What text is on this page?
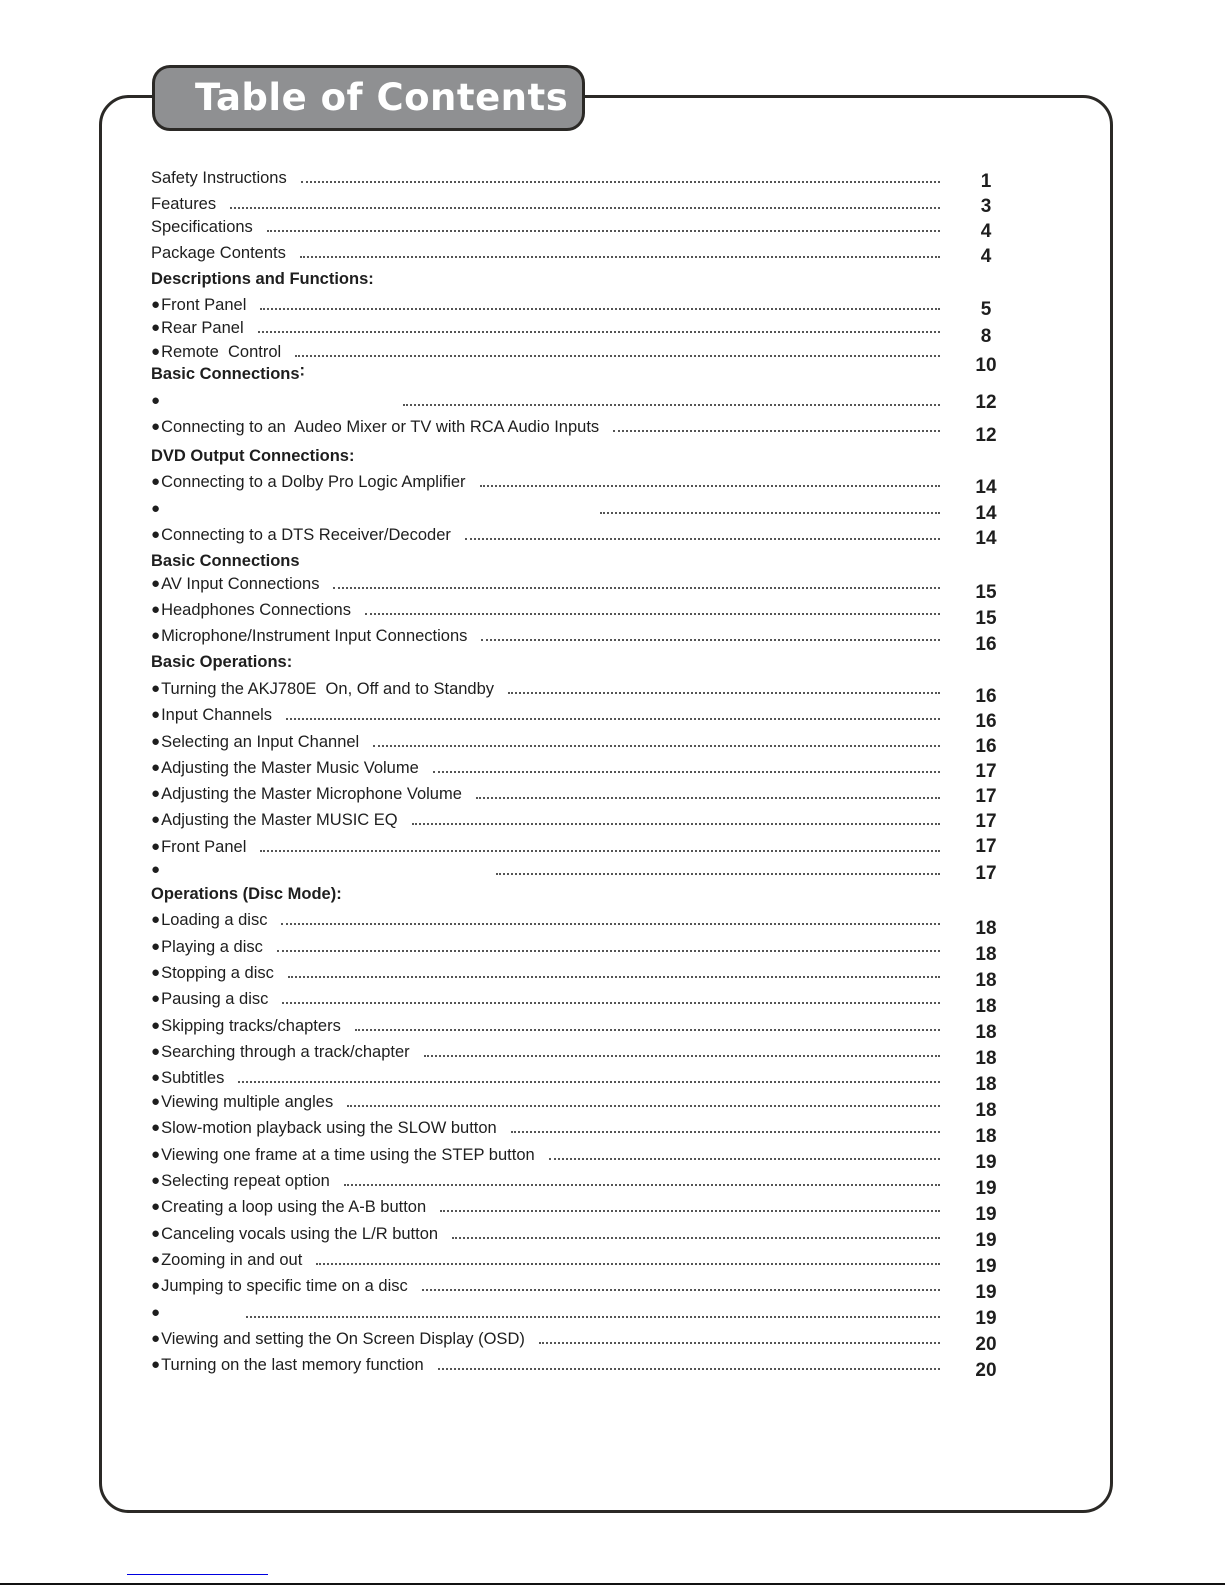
Table of Contents
1
Safety Instructions
3
Features
4
Specifications
4
Package Contents
Descriptions and Functions:
5
● Front Panel
8
● Rear Panel
10
● Remote  Control
Basic Connections˸
12
●
12
● Connecting to an  Audeo Mixer or TV with RCA Audio Inputs
DVD Output Connections:
14
● Connecting to a Dolby Pro Logic Amplifier
14
●
14
● Connecting to a DTS Receiver/Decoder
Basic Connections
15
● AV Input Connections
15
● Headphones Connections
16
● Microphone/Instrument Input Connections
Basic Operations:
16
● Turning the AKJ780E  On, Off and to Standby
16
● Input Channels
16
● Selecting an Input Channel
17
● Adjusting the Master Music Volume
17
● Adjusting the Master Microphone Volume
17
● Adjusting the Master MUSIC EQ
17
● Front Panel
17
●
Operations (Disc Mode):
18
● Loading a disc
18
● Playing a disc
18
● Stopping a disc
18
● Pausing a disc
18
● Skipping tracks/chapters
18
● Searching through a track/chapter
18
● Subtitles
18
● Viewing multiple angles
18
● Slow-motion playback using the SLOW button
19
● Viewing one frame at a time using the STEP button
19
● Selecting repeat option
19
● Creating a loop using the A-B button
19
● Canceling vocals using the L/R button
19
● Zooming in and out
19
● Jumping to specific time on a disc
19
●
20
● Viewing and setting the On Screen Display (OSD)
20
● Turning on the last memory function
